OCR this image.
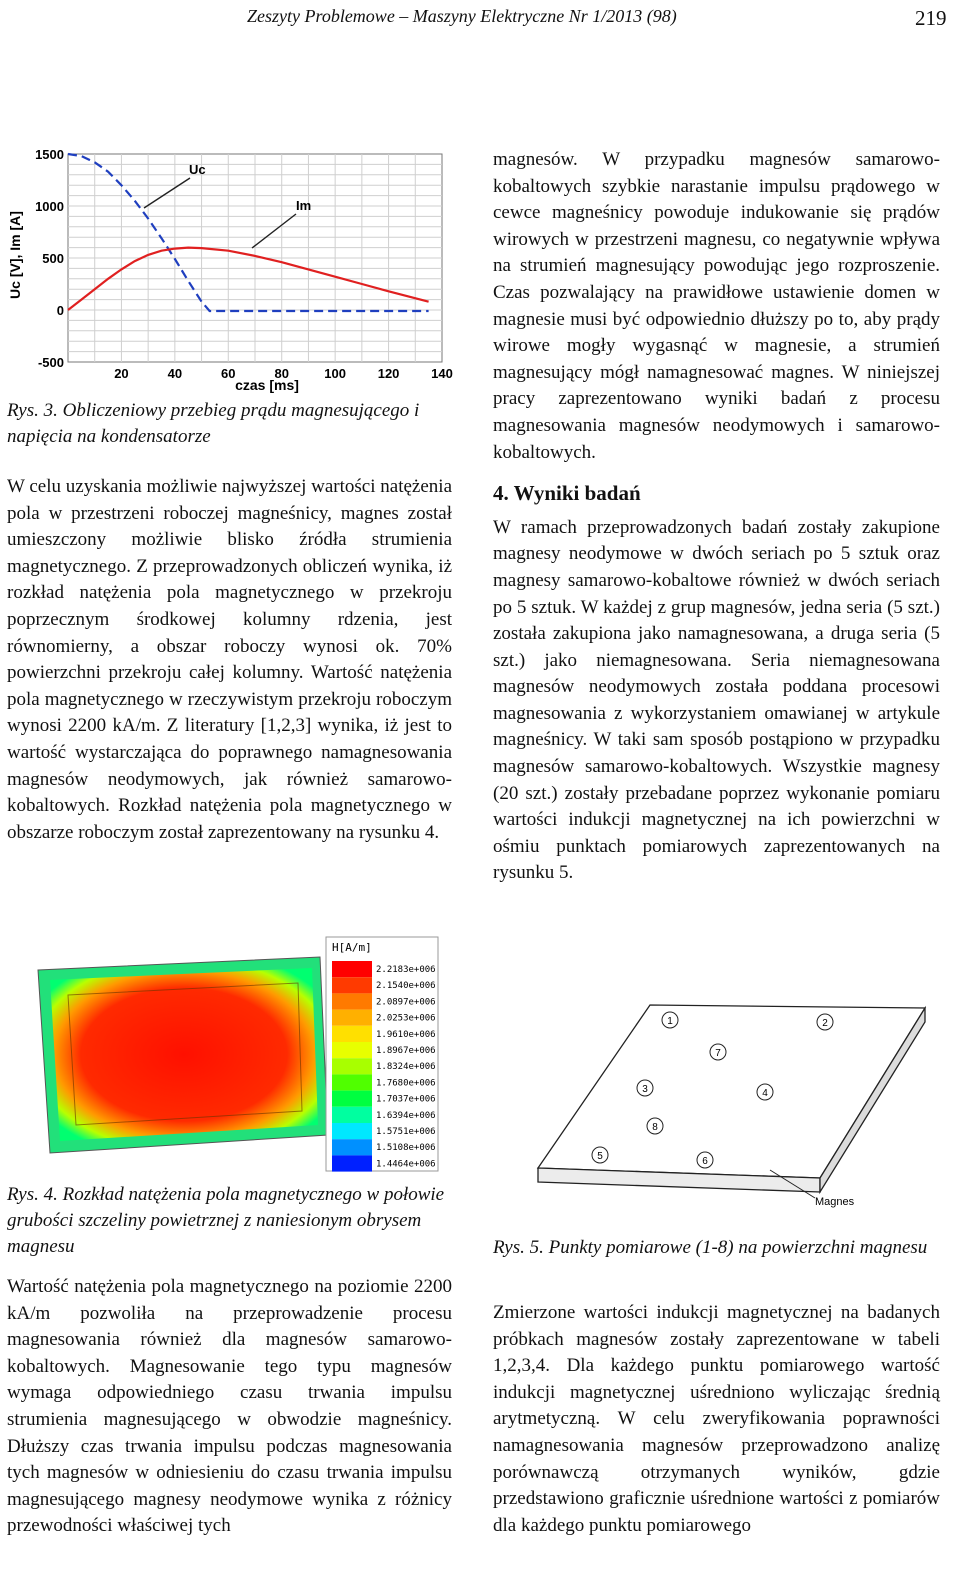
Zeszyty Problemowe – Maszyny Elektryczne Nr 1/2013 (98)	219
20	40	60	80	100 120 140
1500
1000
500
0
-500
Uc
Im
czas [ms]
Uc [V], Im [A]
Rys. 3. Obliczeniowy przebieg prądu magnesującego i napięcia na kondensatorze

W celu uzyskania możliwie najwyższej wartości natężenia pola w przestrzeni roboczej magneśnicy, magnes został umieszczony możliwie blisko źródła strumienia magnetycznego. Z przeprowadzonych obliczeń wynika, iż rozkład natężenia pola magnetycznego w przekroju poprzecznym środkowej kolumny rdzenia, jest równomierny, a obszar roboczy wynosi ok. 70% powierzchni przekroju całej kolumny. Wartość natężenia pola magnetycznego w rzeczywistym przekroju roboczym wynosi 2200 kA/m. Z literatury [1,2,3] wynika, iż jest to wartość wystarczająca do poprawnego namagnesowania magnesów neodymowych, jak również samarowo-kobaltowych. Rozkład natężenia pola magnetycznego w obszarze roboczym został zaprezentowany na rysunku 4.

H[A/m]
2.2183e+006
2.1540e+006
2.0897e+006
2.0253e+006
1.9610e+006
1.8967e+006
1.8324e+006
1.7680e+006
1.7037e+006
1.6394e+006
1.5751e+006
1.5108e+006
1.4464e+006
Rys. 4. Rozkład natężenia pola magnetycznego w połowie grubości szczeliny powietrznej z naniesionym obrysem magnesu

Wartość natężenia pola magnetycznego na poziomie 2200 kA/m pozwoliła na przeprowadzenie procesu magnesowania również dla magnesów samarowo-kobaltowych. Magnesowanie tego typu magnesów wymaga odpowiedniego czasu trwania impulsu strumienia magnesującego w obwodzie magneśnicy. Dłuższy czas trwania impulsu podczas magnesowania tych magnesów w odniesieniu do czasu trwania impulsu magnesującego magnesy neodymowe wynika z różnicy przewodności właściwej tych

magnesów. W przypadku magnesów samarowo-kobaltowych szybkie narastanie impulsu prądowego w cewce magneśnicy powoduje indukowanie się prądów wirowych w przestrzeni magnesu, co negatywnie wpływa na strumień magnesujący powodując jego rozproszenie. Czas pozwalający na prawidłowe ustawienie domen w magnesie musi być odpowiednio dłuższy po to, aby prądy wirowe mogły wygasnąć w magnesie, a strumień magnesujący mógł namagnesować magnes. W niniejszej pracy zaprezentowano wyniki badań z procesu magnesowania magnesów neodymowych i samarowo-kobaltowych.

4. Wyniki badań

W ramach przeprowadzonych badań zostały zakupione magnesy neodymowe w dwóch seriach po 5 sztuk oraz magnesy samarowo-kobaltowe również w dwóch seriach po 5 sztuk. W każdej z grup magnesów, jedna seria (5 szt.) została zakupiona jako namagnesowana, a druga seria (5 szt.) jako niemagnesowana. Seria niemagnesowana magnesów neodymowych została poddana procesowi magnesowania z wykorzystaniem omawianej w artykule magneśnicy. W taki sam sposób postąpiono w przypadku magnesów samarowo-kobaltowych. Wszystkie magnesy (20 szt.) zostały przebadane poprzez wykonanie pomiaru wartości indukcji magnetycznej na ich powierzchni w ośmiu punktach pomiarowych zaprezentowanych na rysunku 5.

1	2
3	4
5	6
7
8
Magnes
Rys. 5. Punkty pomiarowe (1-8) na powierzchni magnesu

Zmierzone wartości indukcji magnetycznej na badanych próbkach magnesów zostały zaprezentowane w tabeli 1,2,3,4. Dla każdego punktu pomiarowego wartość indukcji magnetycznej uśredniono wyliczając średnią arytmetyczną. W celu zweryfikowania poprawności namagnesowania magnesów przeprowadzono analizę porównawczą otrzymanych wyników, gdzie przedstawiono graficznie uśrednione wartości z pomiarów dla każdego punktu pomiarowego
